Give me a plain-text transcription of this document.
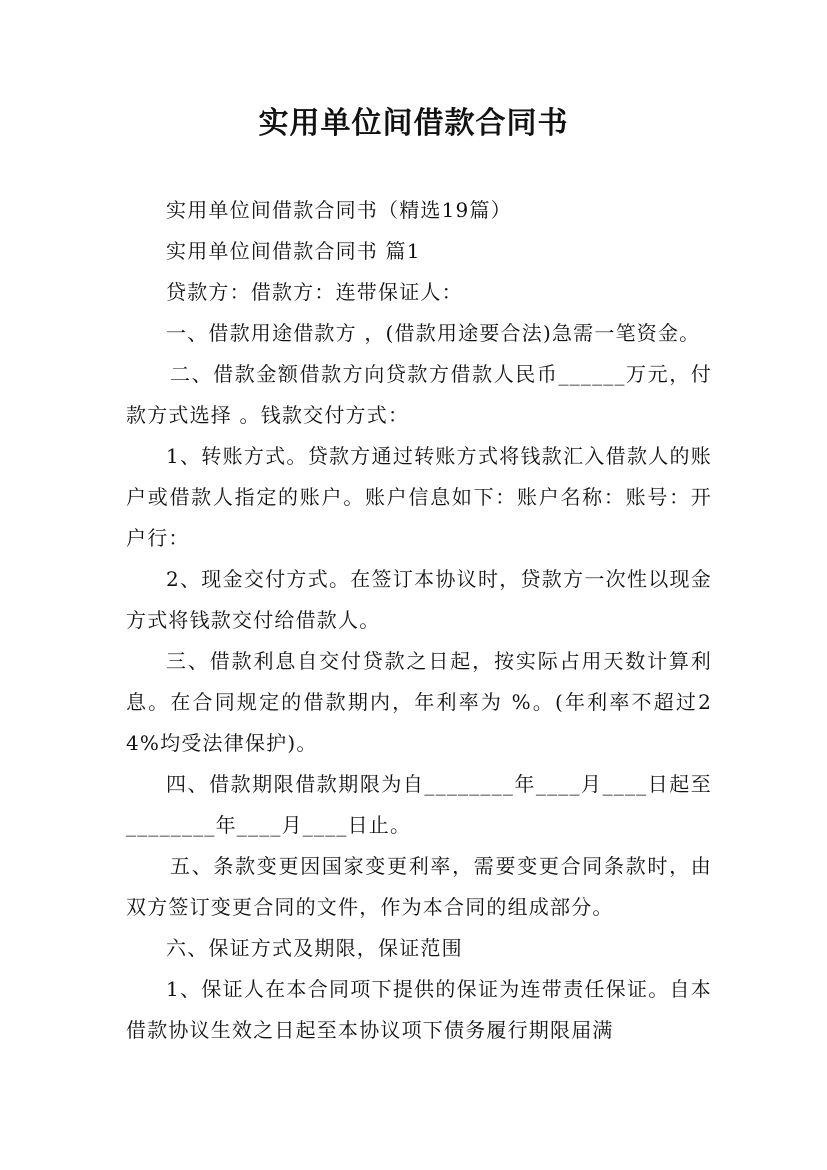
实用单位间借款合同书

实用单位间借款合同书（精选19篇）

实用单位间借款合同书 篇1

贷款方：借款方：连带保证人：

一、借款用途借款方 ，(借款用途要合法)急需一笔资金。

二、借款金额借款方向贷款方借款人民币______万元，付款方式选择 。钱款交付方式：

1、转账方式。贷款方通过转账方式将钱款汇入借款人的账户或借款人指定的账户。账户信息如下：账户名称：账号：开户行：

2、现金交付方式。在签订本协议时，贷款方一次性以现金方式将钱款交付给借款人。

三、借款利息自交付贷款之日起，按实际占用天数计算利息。在合同规定的借款期内，年利率为 %。(年利率不超过24%均受法律保护)。

四、借款期限借款期限为自________年____月____日起至________年____月____日止。

五、条款变更因国家变更利率，需要变更合同条款时，由双方签订变更合同的文件，作为本合同的组成部分。

六、保证方式及期限，保证范围

1、保证人在本合同项下提供的保证为连带责任保证。自本借款协议生效之日起至本协议项下债务履行期限届满
